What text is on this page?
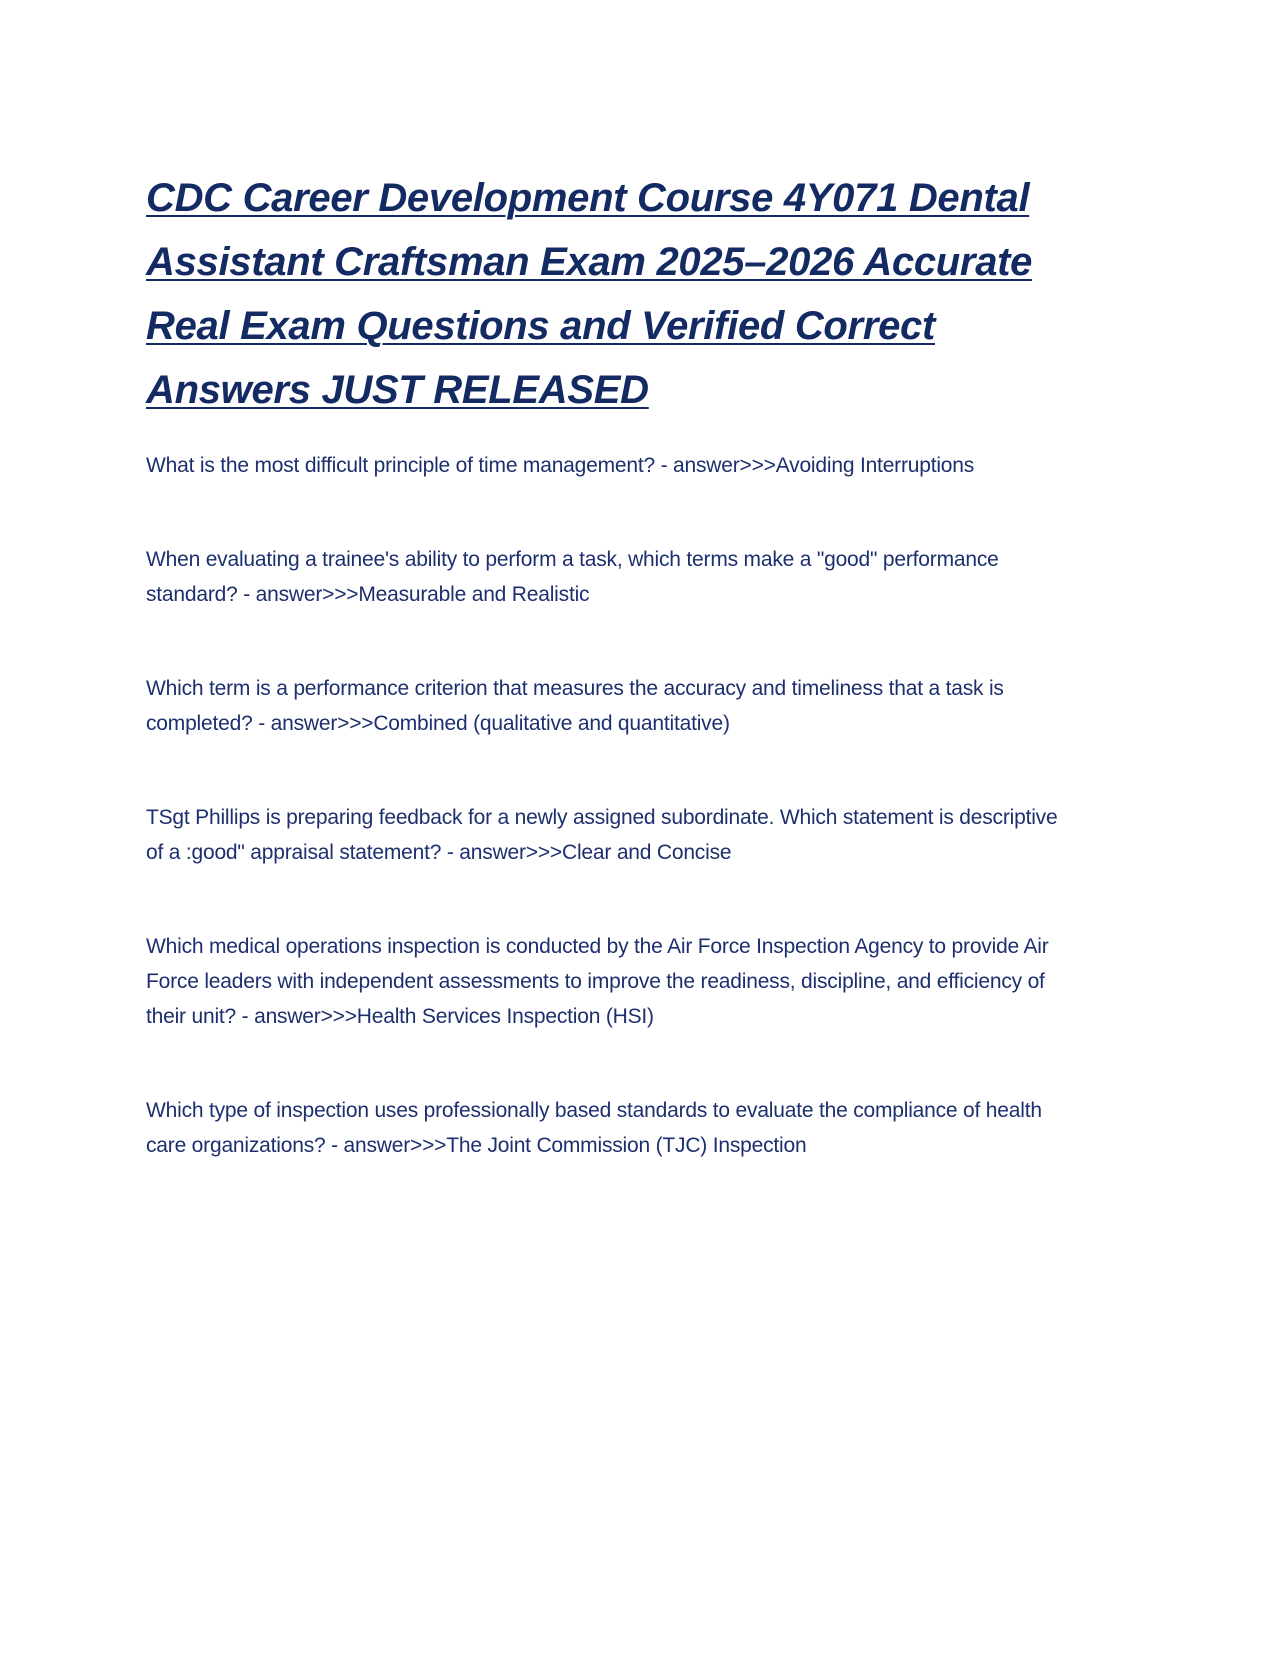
CDC Career Development Course 4Y071 Dental Assistant Craftsman Exam 2025–2026 Accurate Real Exam Questions and Verified Correct Answers JUST RELEASED

What is the most difficult principle of time management? - answer>>>Avoiding Interruptions

When evaluating a trainee's ability to perform a task, which terms make a "good" performance standard? - answer>>>Measurable and Realistic

Which term is a performance criterion that measures the accuracy and timeliness that a task is completed? - answer>>>Combined (qualitative and quantitative)

TSgt Phillips is preparing feedback for a newly assigned subordinate. Which statement is descriptive of a :good" appraisal statement? - answer>>>Clear and Concise

Which medical operations inspection is conducted by the Air Force Inspection Agency to provide Air Force leaders with independent assessments to improve the readiness, discipline, and efficiency of their unit? - answer>>>Health Services Inspection (HSI)

Which type of inspection uses professionally based standards to evaluate the compliance of health care organizations? - answer>>>The Joint Commission (TJC) Inspection
